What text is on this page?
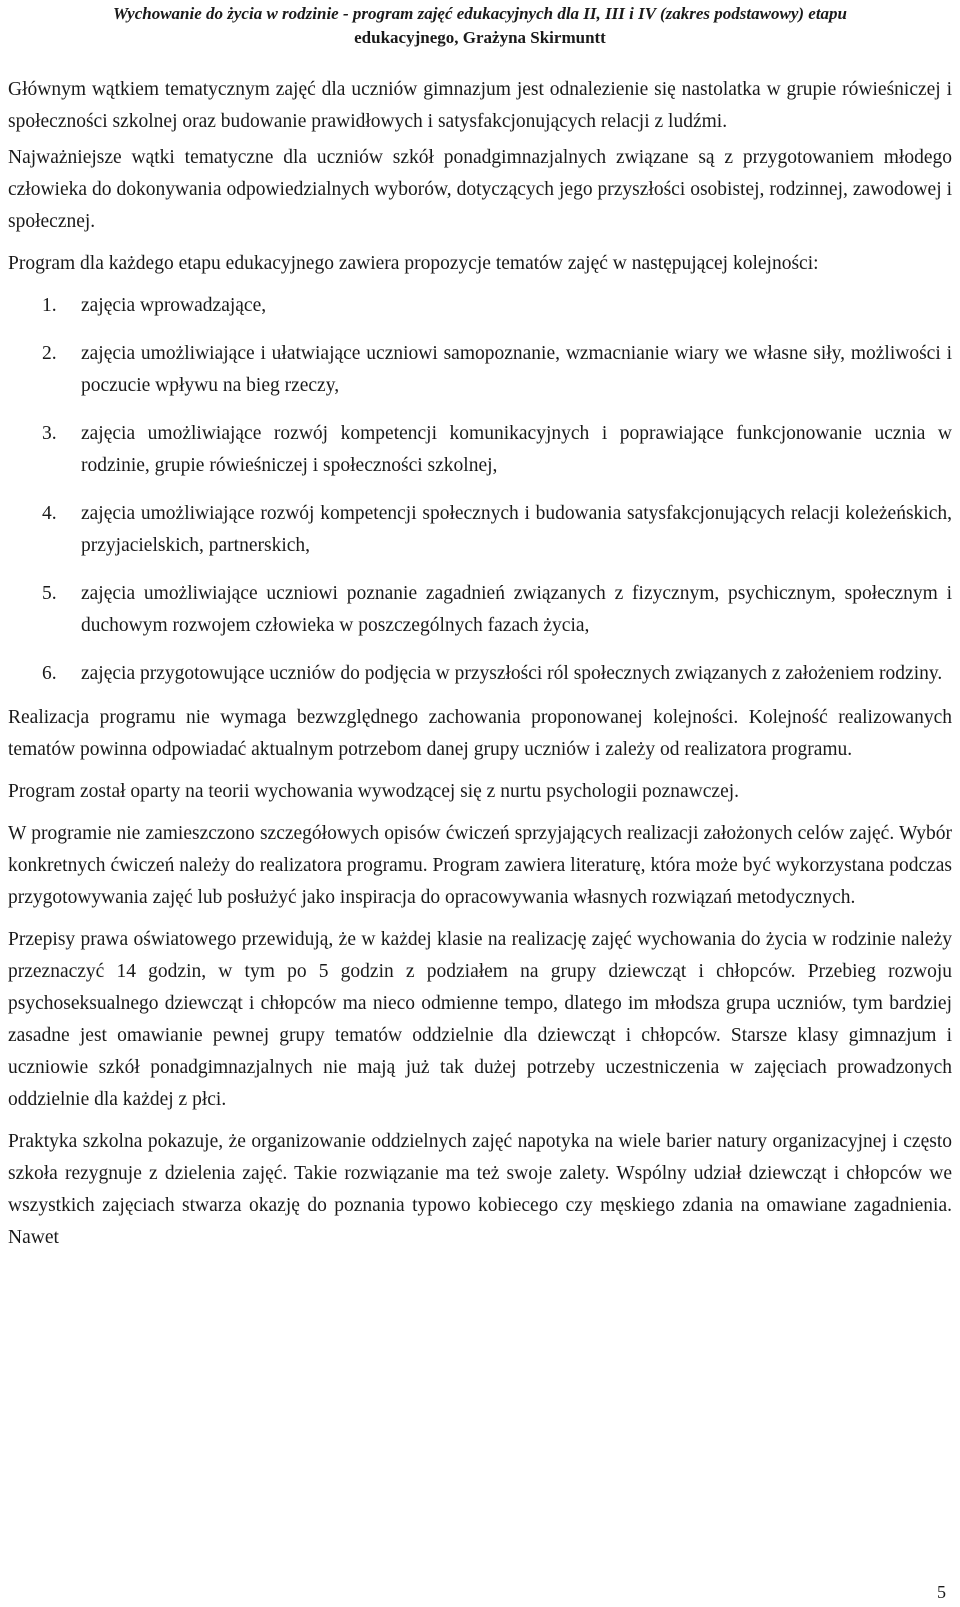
Wychowanie do życia w rodzinie - program zajęć edukacyjnych dla II, III i IV (zakres podstawowy) etapu
edukacyjnego, Grażyna Skirmuntt

Głównym wątkiem tematycznym zajęć dla uczniów gimnazjum jest odnalezienie się nastolatka w grupie rówieśniczej i społeczności szkolnej oraz budowanie prawidłowych i satysfakcjonujących relacji z ludźmi.

Najważniejsze wątki tematyczne dla uczniów szkół ponadgimnazjalnych związane są z przygotowaniem młodego człowieka do dokonywania odpowiedzialnych wyborów, dotyczących jego przyszłości osobistej, rodzinnej, zawodowej i społecznej.

Program dla każdego etapu edukacyjnego zawiera propozycje tematów zajęć w następującej kolejności:

1. zajęcia wprowadzające,
2. zajęcia umożliwiające i ułatwiające uczniowi samopoznanie, wzmacnianie wiary we własne siły, możliwości i poczucie wpływu na bieg rzeczy,
3. zajęcia umożliwiające rozwój kompetencji komunikacyjnych i poprawiające funkcjonowanie ucznia w rodzinie, grupie rówieśniczej i społeczności szkolnej,
4. zajęcia umożliwiające rozwój kompetencji społecznych i budowania satysfakcjonujących relacji koleżeńskich, przyjacielskich, partnerskich,
5. zajęcia umożliwiające uczniowi poznanie zagadnień związanych z fizycznym, psychicznym, społecznym i duchowym rozwojem człowieka w poszczególnych fazach życia,
6. zajęcia przygotowujące uczniów do podjęcia w przyszłości ról społecznych związanych z założeniem rodziny.

Realizacja programu nie wymaga bezwzględnego zachowania proponowanej kolejności. Kolejność realizowanych tematów powinna odpowiadać aktualnym potrzebom danej grupy uczniów i zależy od realizatora programu.

Program został oparty na teorii wychowania wywodzącej się z nurtu psychologii poznawczej.

W programie nie zamieszczono szczegółowych opisów ćwiczeń sprzyjających realizacji założonych celów zajęć. Wybór konkretnych ćwiczeń należy do realizatora programu. Program zawiera literaturę, która może być wykorzystana podczas przygotowywania zajęć lub posłużyć jako inspiracja do opracowywania własnych rozwiązań metodycznych.

Przepisy prawa oświatowego przewidują, że w każdej klasie na realizację zajęć wychowania do życia w rodzinie należy przeznaczyć 14 godzin, w tym po 5 godzin z podziałem na grupy dziewcząt i chłopców. Przebieg rozwoju psychoseksualnego dziewcząt i chłopców ma nieco odmienne tempo, dlatego im młodsza grupa uczniów, tym bardziej zasadne jest omawianie pewnej grupy tematów oddzielnie dla dziewcząt i chłopców. Starsze klasy gimnazjum i uczniowie szkół ponadgimnazjalnych nie mają już tak dużej potrzeby uczestniczenia w zajęciach prowadzonych oddzielnie dla każdej z płci.

Praktyka szkolna pokazuje, że organizowanie oddzielnych zajęć napotyka na wiele barier natury organizacyjnej i często szkoła rezygnuje z dzielenia zajęć. Takie rozwiązanie ma też swoje zalety. Wspólny udział dziewcząt i chłopców we wszystkich zajęciach stwarza okazję do poznania typowo kobiecego czy męskiego zdania na omawiane zagadnienia. Nawet

5
